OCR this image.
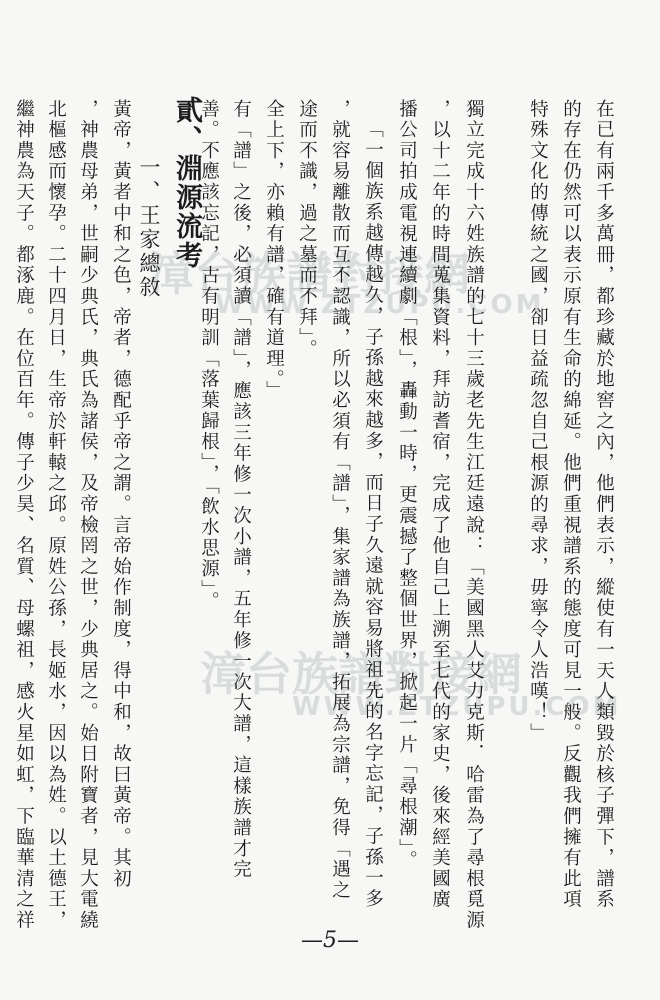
漳台族譜對接網
WWW.ZTZUPU.COM
漳台族譜對接網
WWW.ZTZUPU.COM
在已有兩千多萬冊，都珍藏於地窖之內，他們表示，縱使有一天人類毀於核子彈下，譜系
的存在仍然可以表示原有生命的綿延。他們重視譜系的態度可見一般。反觀我們擁有此項
特殊文化的傳統之國，卻日益疏忽自己根源的尋求，毋寧令人浩嘆！」
獨立完成十六姓族譜的七十三歲老先生江廷遠說：「美國黑人艾力克斯．哈雷為了尋根覓源
，以十二年的時間蒐集資料，拜訪耆宿，完成了他自己上溯至七代的家史，後來經美國廣
播公司拍成電視連續劇「根」，轟動一時，更震撼了整個世界，掀起一片「尋根潮」。
「一個族系越傳越久，子孫越來越多，而日子久遠就容易將祖先的名字忘記，子孫一多
，就容易離散而互不認識，所以必須有「譜」，集家譜為族譜，拓展為宗譜，免得「遇之
途而不識，過之墓而不拜」。
全上下，亦賴有譜，確有道理。」
有「譜」之後，必須讀「譜」，應該三年修一次小譜，五年修一次大譜，這樣族譜才完
善。不應該忘記，古有明訓「落葉歸根」，「飲水思源」。
貳、淵源流考
一、王家總敘
黃帝，黃者中和之色，帝者，德配乎帝之謂。言帝始作制度，得中和，故曰黃帝。其初
，神農母弟，世嗣少典氏，典氏為諸侯，及帝檢罔之世，少典居之。始日附寶者，見大電繞
北樞感而懷孕。二十四月日，生帝於軒轅之邱。原姓公孫，長姬水，因以為姓。以土德王，
繼神農為天子。都涿鹿。在位百年。傳子少昊、名質、母螺祖，感火星如虹，下臨華清之祥
—5—
